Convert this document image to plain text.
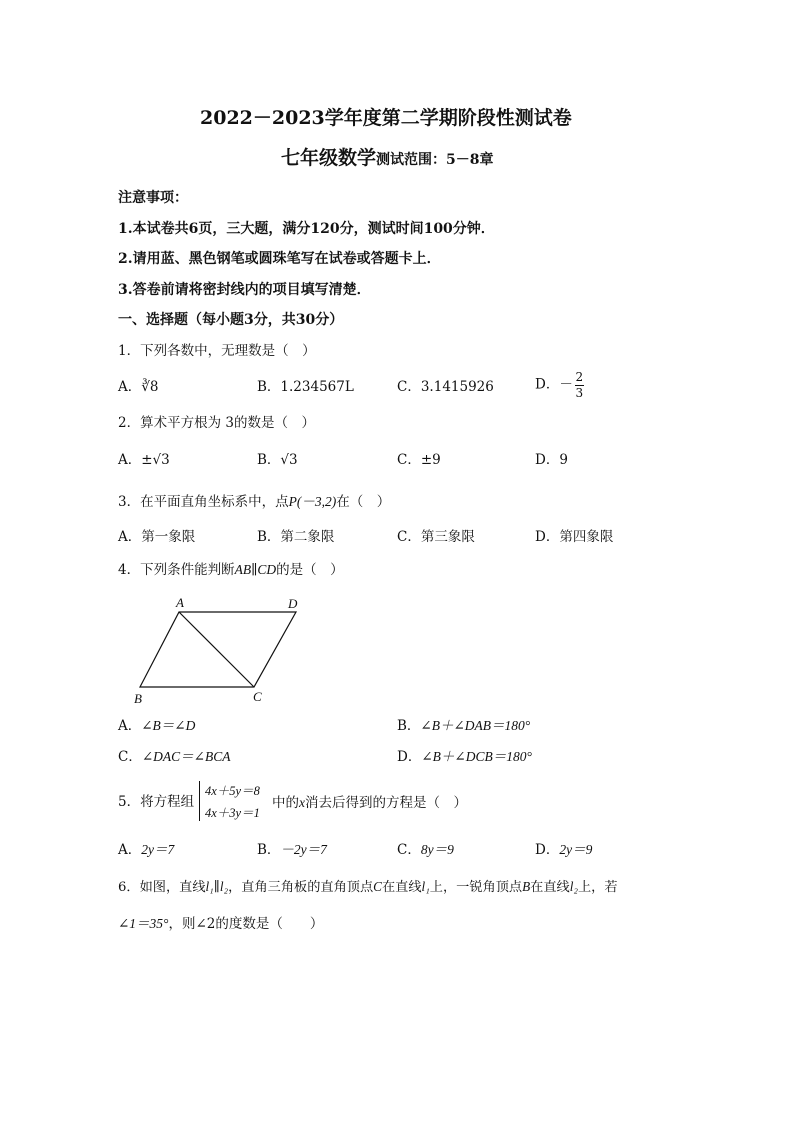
2022－2023学年度第二学期阶段性测试卷
七年级数学测试范围：5－8章
注意事项：
1.本试卷共6页，三大题，满分120分，测试时间100分钟．
2.请用蓝、黑色钢笔或圆珠笔写在试卷或答题卡上．
3.答卷前请将密封线内的项目填写清楚．
一、选择题（每小题3分，共30分）
1．下列各数中，无理数是（　）
A．∛8	B．1.234567L	C．3.1415926	D．－ $\frac{2}{3}$
2．算术平方根为 3的数是（　）
A．±√3	B．√3	C．±9	D．9
3．在平面直角坐标系中，点P(－3,2)在（　）
A．第一象限	B．第二象限	C．第三象限	D．第四象限
4．下列条件能判断AB∥CD的是（　）
A	D
B	C
A．∠B＝∠D	B．∠B＋∠DAB＝180°
C．∠DAC＝∠BCA	D．∠B＋∠DCB＝180°
5．将方程组
4x＋5y＝8
4x＋3y＝1
中的x消去后得到的方程是（　）
A．2y＝7	B．－2y＝7	C．8y＝9	D．2y＝9
6．如图，直线l₁∥l₂，直角三角板的直角顶点C在直线l₁上，一锐角顶点B在直线l₂上，若
∠1＝35°，则∠2的度数是（　　）
